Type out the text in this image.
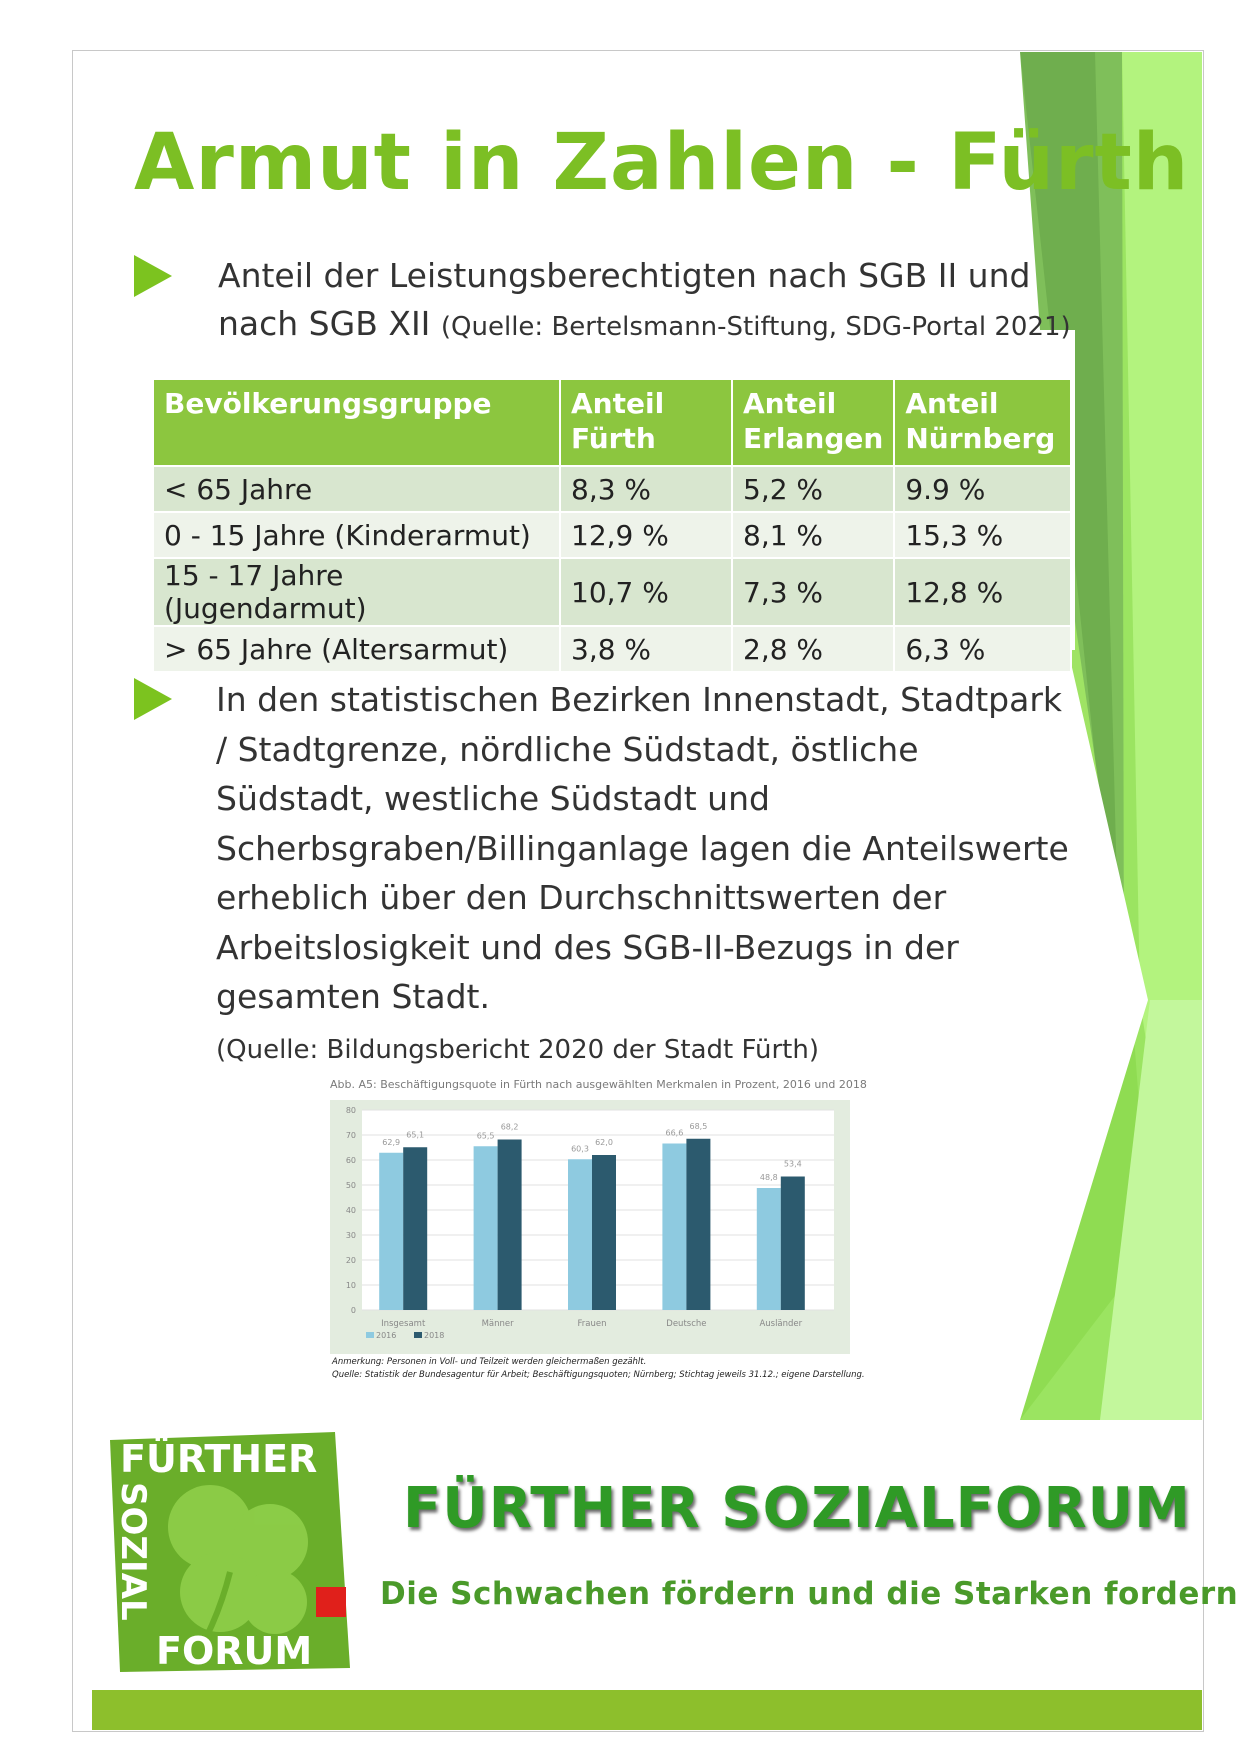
Armut in Zahlen - Fürth

Anteil der Leistungsberechtigten nach SGB II und nach SGB XII (Quelle: Bertelsmann-Stiftung, SDG-Portal 2021)

Bevölkerungsgruppe	Anteil Fürth	Anteil Erlangen	Anteil Nürnberg
< 65 Jahre	8,3 %	5,2 %	9.9 %
0 - 15 Jahre (Kinderarmut)	12,9 %	8,1 %	15,3 %
15 - 17 Jahre (Jugendarmut)	10,7 %	7,3 %	12,8 %
> 65 Jahre (Altersarmut)	3,8 %	2,8 %	6,3 %

In den statistischen Bezirken Innenstadt, Stadtpark / Stadtgrenze, nördliche Südstadt, östliche Südstadt, westliche Südstadt und Scherbsgraben/Billinganlage lagen die Anteilswerte erheblich über den Durchschnittswerten der Arbeitslosigkeit und des SGB-II-Bezugs in der gesamten Stadt.
(Quelle: Bildungsbericht 2020 der Stadt Fürth)

Abb. A5: Beschäftigungsquote in Fürth nach ausgewählten Merkmalen in Prozent, 2016 und 2018
0
10
20
30
40
50
60
70
80
62,9
65,1
Insgesamt
65,5
68,2
Männer
60,3
62,0
Frauen
66,6
68,5
Deutsche
48,8
53,4
Ausländer
2016	2018
Anmerkung: Personen in Voll- und Teilzeit werden gleichermaßen gezählt.
Quelle: Statistik der Bundesagentur für Arbeit; Beschäftigungsquoten; Nürnberg; Stichtag jeweils 31.12.; eigene Darstellung.
FÜRTHER
FORUM
SOZIAL	FÜRTHER SOZIALFORUM
Die Schwachen fördern und die Starken fordern
